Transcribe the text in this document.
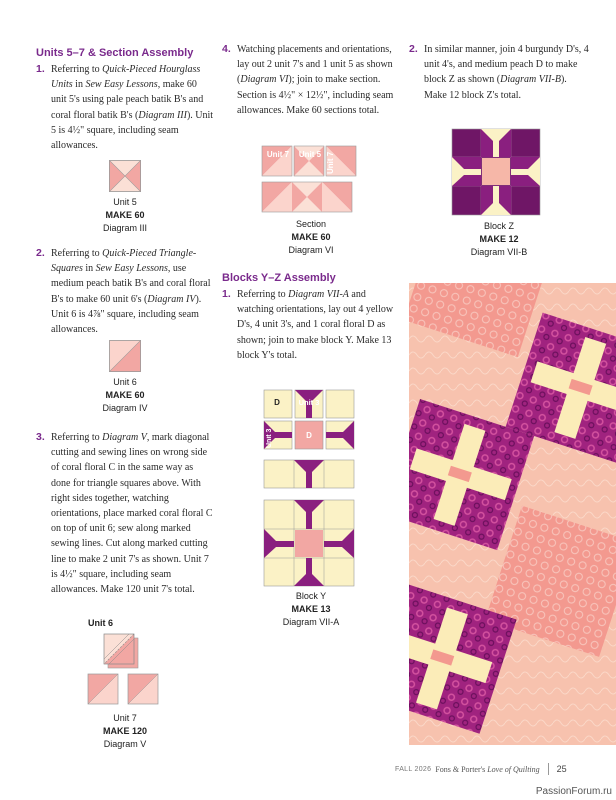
Units 5–7 & Section Assembly
1. Referring to Quick-Pieced Hourglass Units in Sew Easy Lessons, make 60 unit 5's using pale peach batik B's and coral floral batik B's (Diagram III). Unit 5 is 4½" square, including seam allowances.
Unit 5
MAKE 60
Diagram III
2. Referring to Quick-Pieced Triangle-Squares in Sew Easy Lessons, use medium peach batik B's and coral floral B's to make 60 unit 6's (Diagram IV). Unit 6 is 4⅞" square, including seam allowances.
Unit 6
MAKE 60
Diagram IV
3. Referring to Diagram V, mark diagonal cutting and sewing lines on wrong side of coral floral C in the same way as done for triangle squares above. With right sides together, watching orientations, place marked coral floral C on top of unit 6; sew along marked sewing lines. Cut along marked cutting line to make 2 unit 7's as shown. Unit 7 is 4½" square, including seam allowances. Make 120 unit 7's total.
Unit 6
Unit 7
MAKE 120
Diagram V
4. Watching placements and orientations, lay out 2 unit 7's and 1 unit 5 as shown (Diagram VI); join to make section. Section is 4½" × 12½", including seam allowances. Make 60 sections total.
Unit 7	Unit 5 Unit 7
Section
MAKE 60
Diagram VI
Blocks Y–Z Assembly
1. Referring to Diagram VII-A and watching orientations, lay out 4 yellow D's, 4 unit 3's, and 1 coral floral D as shown; join to make block Y. Make 13 block Y's total.
D	Unit 3
Unit 3	D
Block Y
MAKE 13
Diagram VII-A
2. In similar manner, join 4 burgundy D's, 4 unit 4's, and medium peach D to make block Z as shown (Diagram VII-B). Make 12 block Z's total.
Block Z
MAKE 12
Diagram VII-B
FALL 2026 Fons & Porter's Love of Quilting 25
PassionForum.ru
